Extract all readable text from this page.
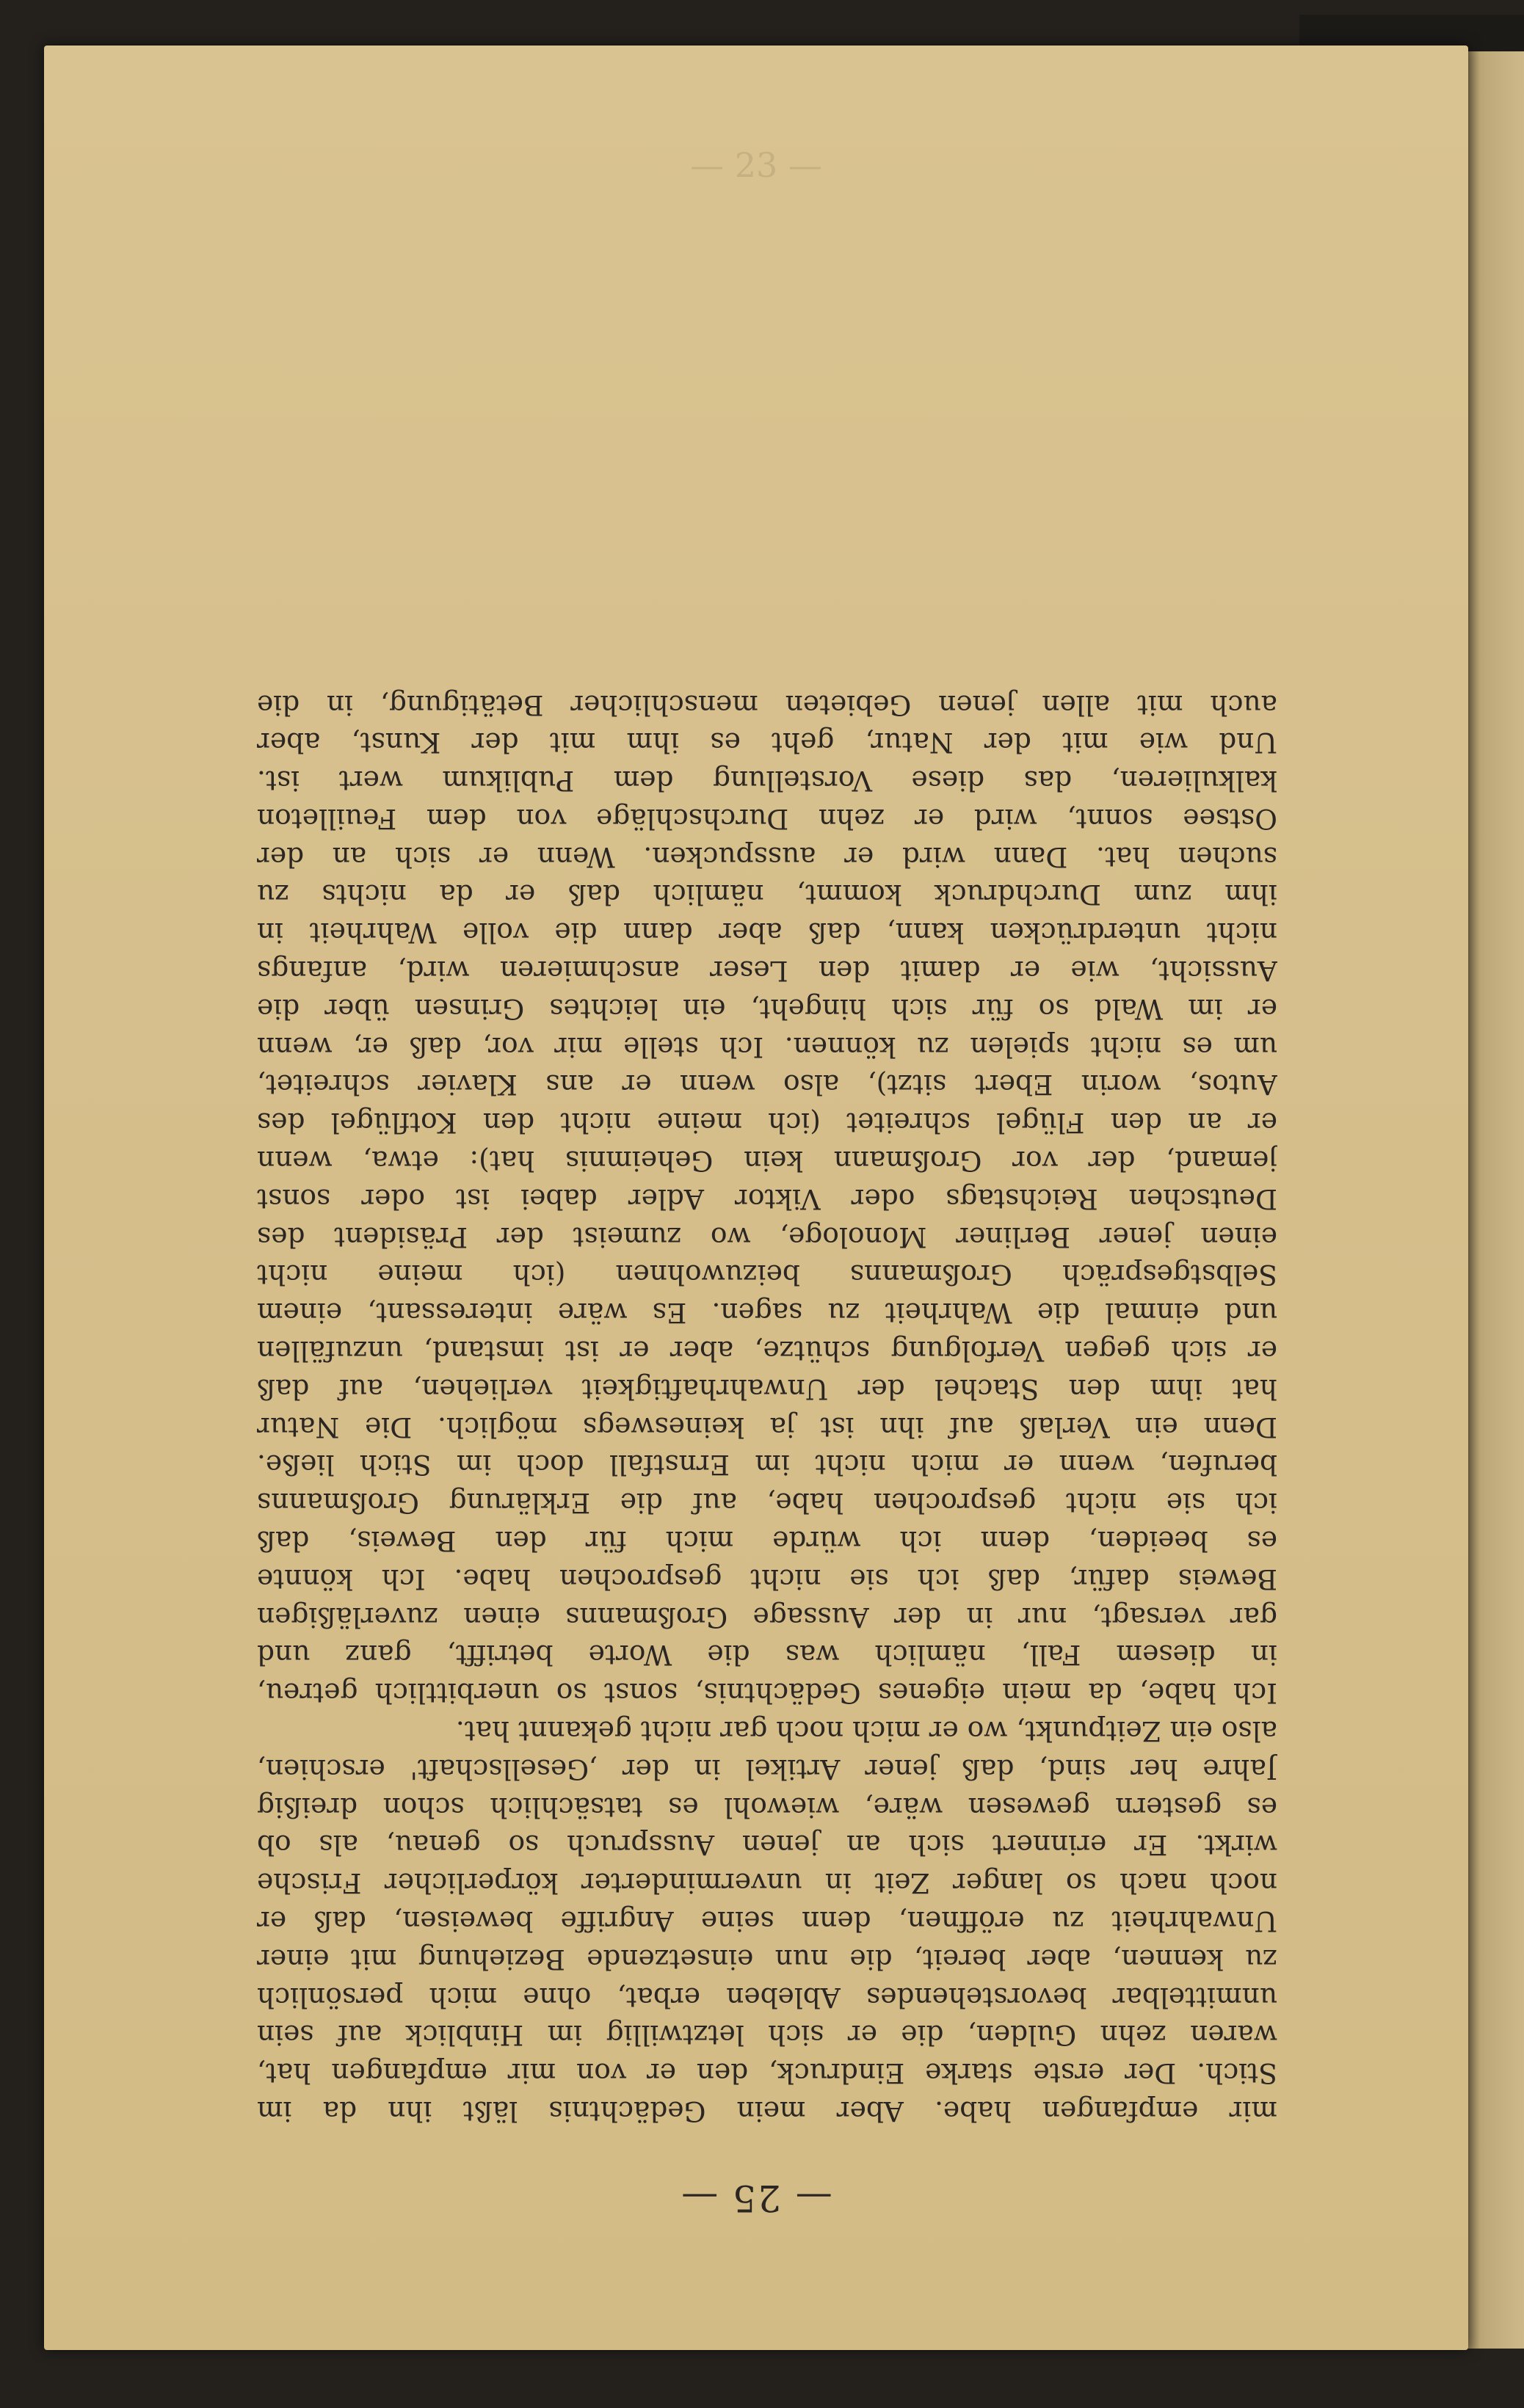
— 25 —
mir empfangen habe. Aber mein Gedächtnis läßt ihn da im
Stich. Der erste starke Eindruck, den er von mir empfangen hat,
waren zehn Gulden, die er sich letztwillig im Hinblick auf sein
unmittelbar bevorstehendes Ableben erbat, ohne mich persönlich
zu kennen, aber bereit, die nun einsetzende Beziehung mit einer
Unwahrheit zu eröffnen, denn seine Angriffe beweisen, daß er
noch nach so langer Zeit in unverminderter körperlicher Frische
wirkt. Er erinnert sich an jenen Ausspruch so genau, als ob
es gestern gewesen wäre, wiewohl es tatsächlich schon dreißig
Jahre her sind, daß jener Artikel in der ‚Gesellschaft' erschien,
also ein Zeitpunkt, wo er mich noch gar nicht gekannt hat.
Ich habe, da mein eigenes Gedächtnis, sonst so unerbittlich getreu,
in diesem Fall, nämlich was die Worte betrifft, ganz und
gar versagt, nur in der Aussage Großmanns einen zuverläßigen
Beweis dafür, daß ich sie nicht gesprochen habe. Ich könnte
es beeiden, denn ich würde mich für den Beweis, daß
ich sie nicht gesprochen habe, auf die Erklärung Großmanns
berufen, wenn er mich nicht im Ernstfall doch im Stich ließe.
Denn ein Verlaß auf ihn ist ja keineswegs möglich. Die Natur
hat ihm den Stachel der Unwahrhaftigkeit verliehen, auf daß
er sich gegen Verfolgung schütze, aber er ist imstand, unzufällen
und einmal die Wahrheit zu sagen. Es wäre interessant, einem
Selbstgespräch Großmanns beizuwohnen (ich meine nicht
einen jener Berliner Monologe, wo zumeist der Präsident des
Deutschen Reichstags oder Viktor Adler dabei ist oder sonst
jemand, der vor Großmann kein Geheimnis hat): etwa, wenn
er an den Flügel schreitet (ich meine nicht den Kotflügel des
Autos, worin Ebert sitzt), also wenn er ans Klavier schreitet,
um es nicht spielen zu können. Ich stelle mir vor, daß er, wenn
er im Wald so für sich hingeht, ein leichtes Grinsen über die
Aussicht, wie er damit den Leser anschmieren wird, anfangs
nicht unterdrücken kann, daß aber dann die volle Wahrheit in
ihm zum Durchdruck kommt, nämlich daß er da nichts zu
suchen hat. Dann wird er ausspucken. Wenn er sich an der
Ostsee sonnt, wird er zehn Durchschläge von dem Feuilleton
kalkulieren, das diese Vorstellung dem Publikum wert ist.
Und wie mit der Natur, geht es ihm mit der Kunst, aber
auch mit allen jenen Gebieten menschlicher Betätigung, in die
— 23 —
